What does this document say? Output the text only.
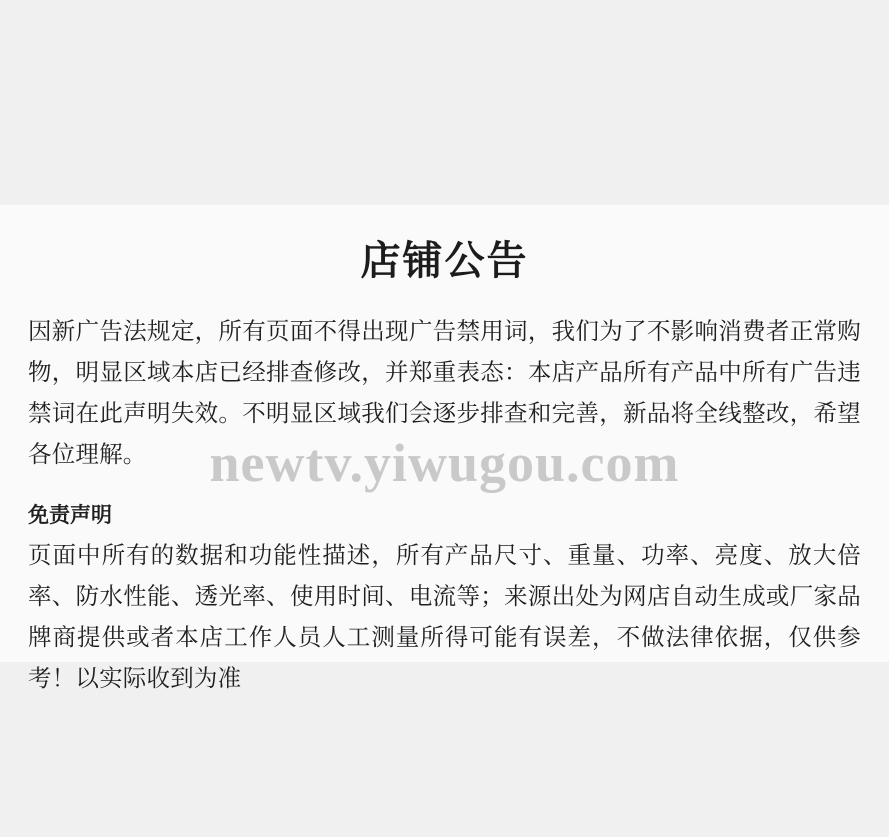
店铺公告

因新广告法规定，所有页面不得出现广告禁用词，我们为了不影响消费者正常购物，明显区域本店已经排查修改，并郑重表态：本店产品所有产品中所有广告违禁词在此声明失效。不明显区域我们会逐步排查和完善，新品将全线整改，希望各位理解。

免责声明

页面中所有的数据和功能性描述，所有产品尺寸、重量、功率、亮度、放大倍率、防水性能、透光率、使用时间、电流等；来源出处为网店自动生成或厂家品牌商提供或者本店工作人员人工测量所得可能有误差，不做法律依据，仅供参考！以实际收到为准

newtv.yiwugou.com
